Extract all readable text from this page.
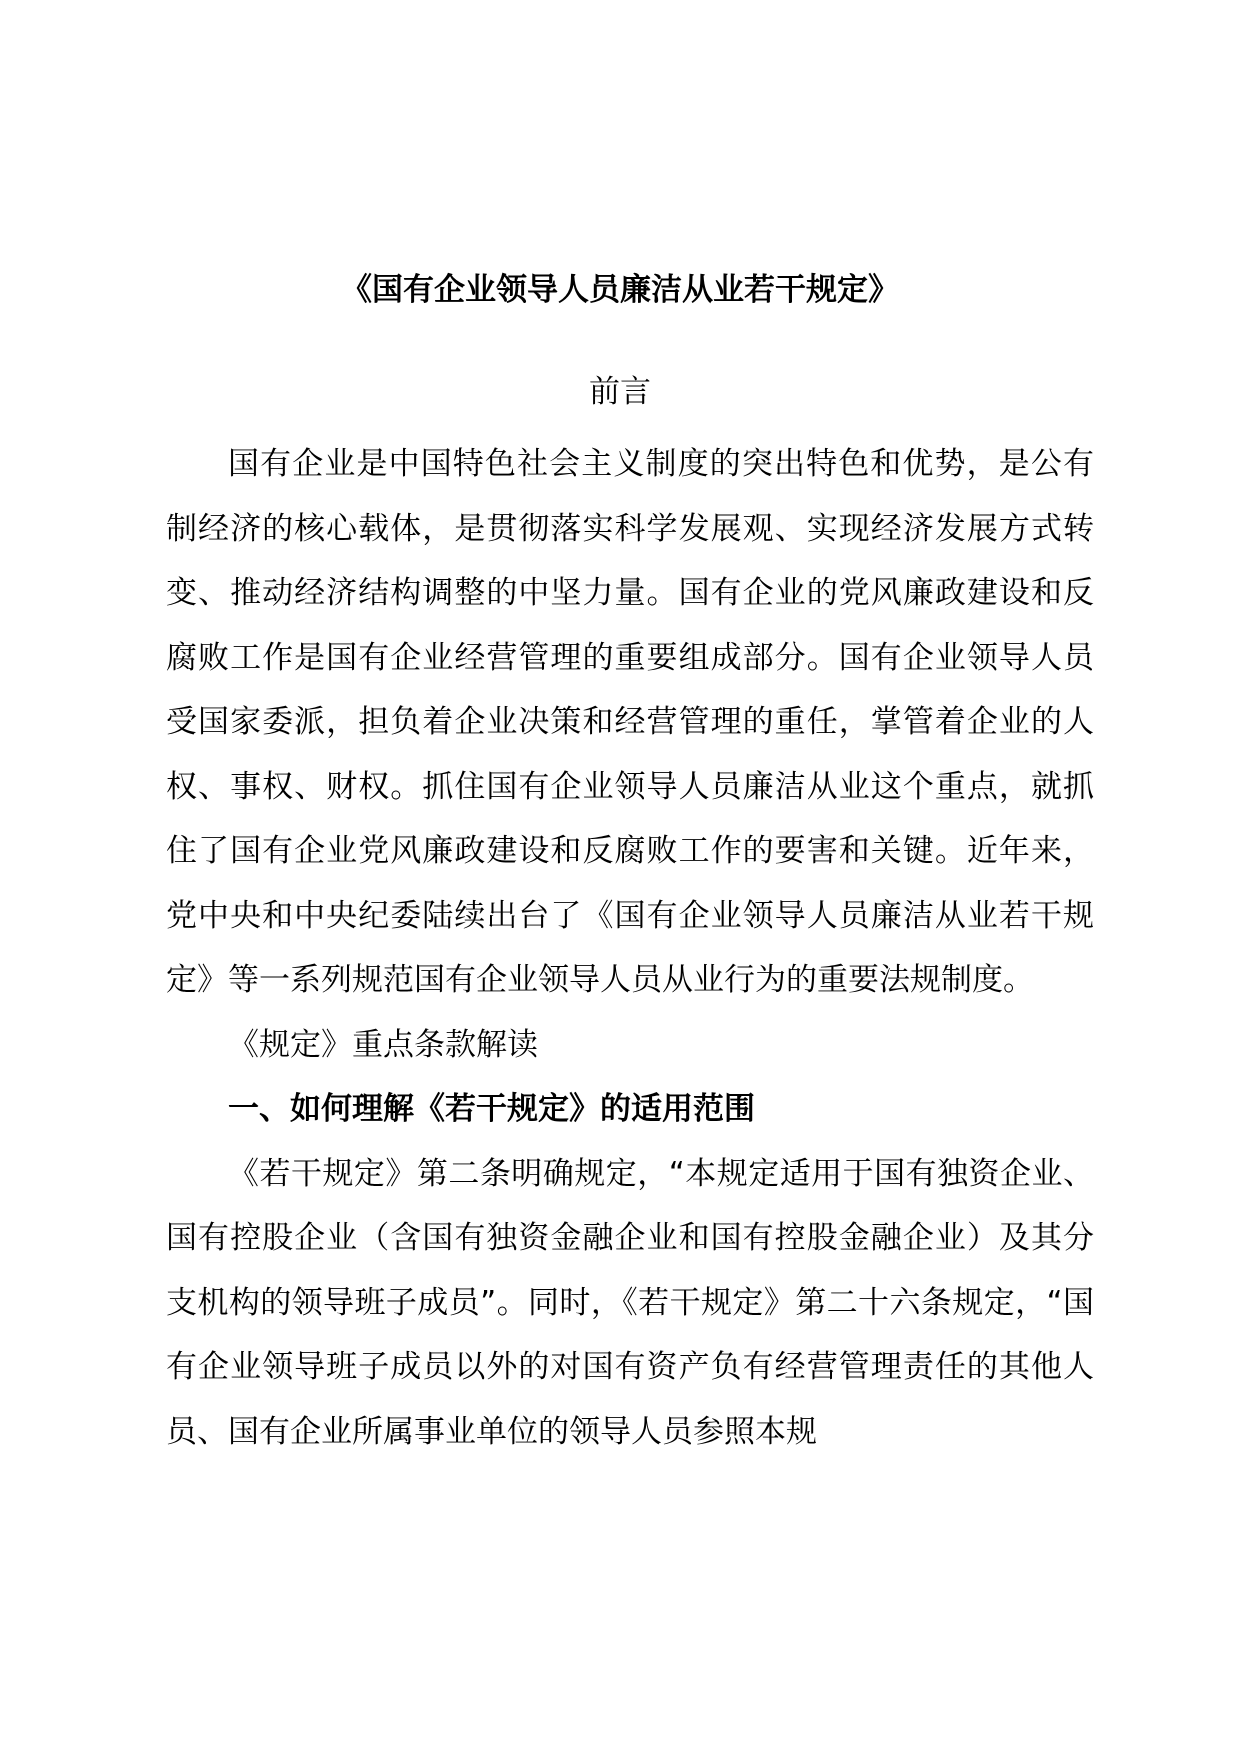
《国有企业领导人员廉洁从业若干规定》
前言

国有企业是中国特色社会主义制度的突出特色和优势，是公有制经济的核心载体，是贯彻落实科学发展观、实现经济发展方式转变、推动经济结构调整的中坚力量。国有企业的党风廉政建设和反腐败工作是国有企业经营管理的重要组成部分。国有企业领导人员受国家委派，担负着企业决策和经营管理的重任，掌管着企业的人权、事权、财权。抓住国有企业领导人员廉洁从业这个重点，就抓住了国有企业党风廉政建设和反腐败工作的要害和关键。近年来，党中央和中央纪委陆续出台了《国有企业领导人员廉洁从业若干规定》等一系列规范国有企业领导人员从业行为的重要法规制度。

《规定》重点条款解读

一、如何理解《若干规定》的适用范围

《若干规定》第二条明确规定，“本规定适用于国有独资企业、国有控股企业（含国有独资金融企业和国有控股金融企业）及其分支机构的领导班子成员”。同时，《若干规定》第二十六条规定，“国有企业领导班子成员以外的对国有资产负有经营管理责任的其他人员、国有企业所属事业单位的领导人员参照本规
